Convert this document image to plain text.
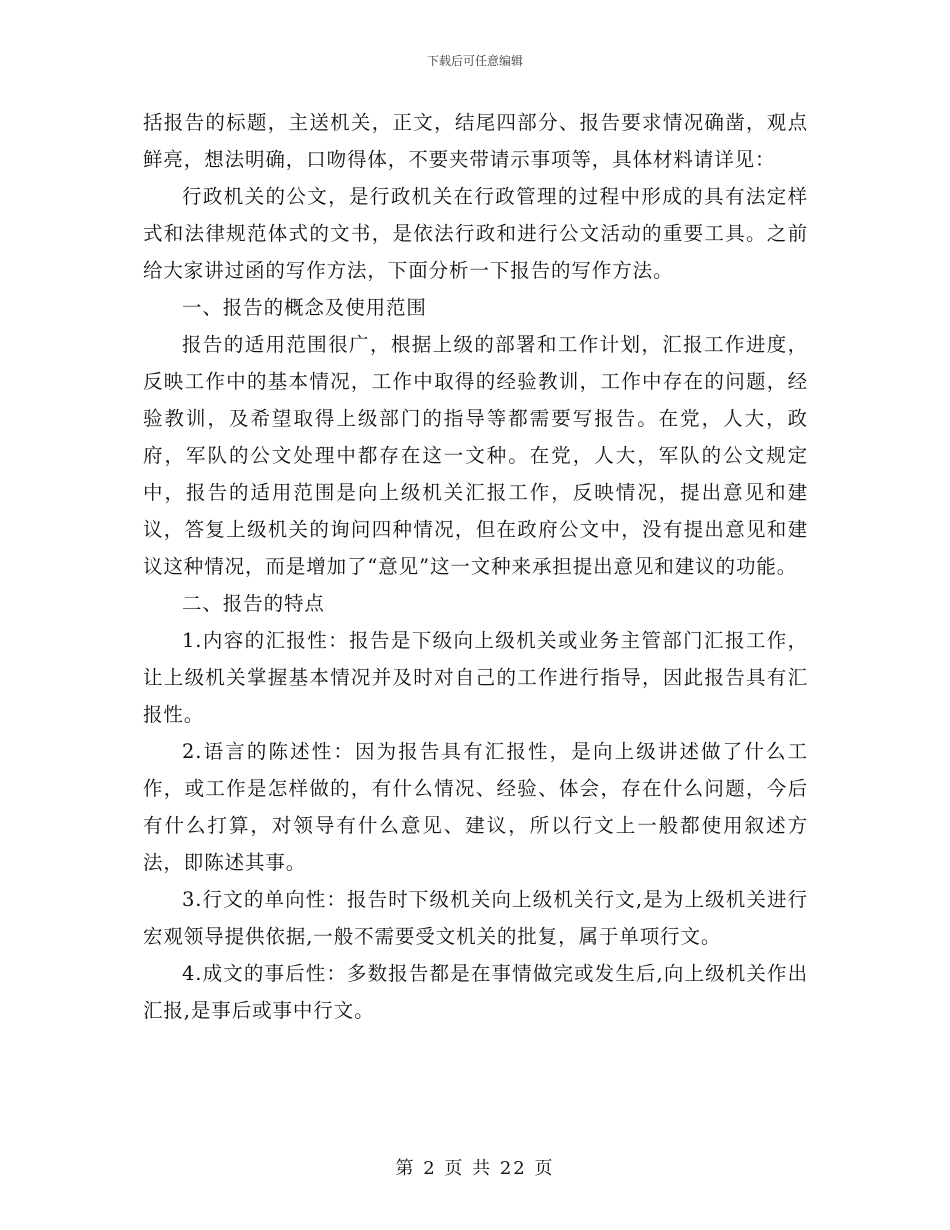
下载后可任意编辑

括报告的标题，主送机关，正文，结尾四部分、报告要求情况确凿，观点鲜亮，想法明确，口吻得体，不要夹带请示事项等，具体材料请详见：

行政机关的公文，是行政机关在行政管理的过程中形成的具有法定样式和法律规范体式的文书，是依法行政和进行公文活动的重要工具。之前给大家讲过函的写作方法，下面分析一下报告的写作方法。

一、报告的概念及使用范围

报告的适用范围很广，根据上级的部署和工作计划，汇报工作进度，反映工作中的基本情况，工作中取得的经验教训，工作中存在的问题，经验教训，及希望取得上级部门的指导等都需要写报告。在党，人大，政府，军队的公文处理中都存在这一文种。在党，人大，军队的公文规定中，报告的适用范围是向上级机关汇报工作，反映情况，提出意见和建议，答复上级机关的询问四种情况，但在政府公文中，没有提出意见和建议这种情况，而是增加了“意见”这一文种来承担提出意见和建议的功能。

二、报告的特点

1.内容的汇报性：报告是下级向上级机关或业务主管部门汇报工作，让上级机关掌握基本情况并及时对自己的工作进行指导，因此报告具有汇报性。

2.语言的陈述性：因为报告具有汇报性，是向上级讲述做了什么工作，或工作是怎样做的，有什么情况、经验、体会，存在什么问题，今后有什么打算，对领导有什么意见、建议，所以行文上一般都使用叙述方法，即陈述其事。

3.行文的单向性：报告时下级机关向上级机关行文,是为上级机关进行宏观领导提供依据,一般不需要受文机关的批复，属于单项行文。

4.成文的事后性：多数报告都是在事情做完或发生后,向上级机关作出汇报,是事后或事中行文。

第 2 页 共 22 页
